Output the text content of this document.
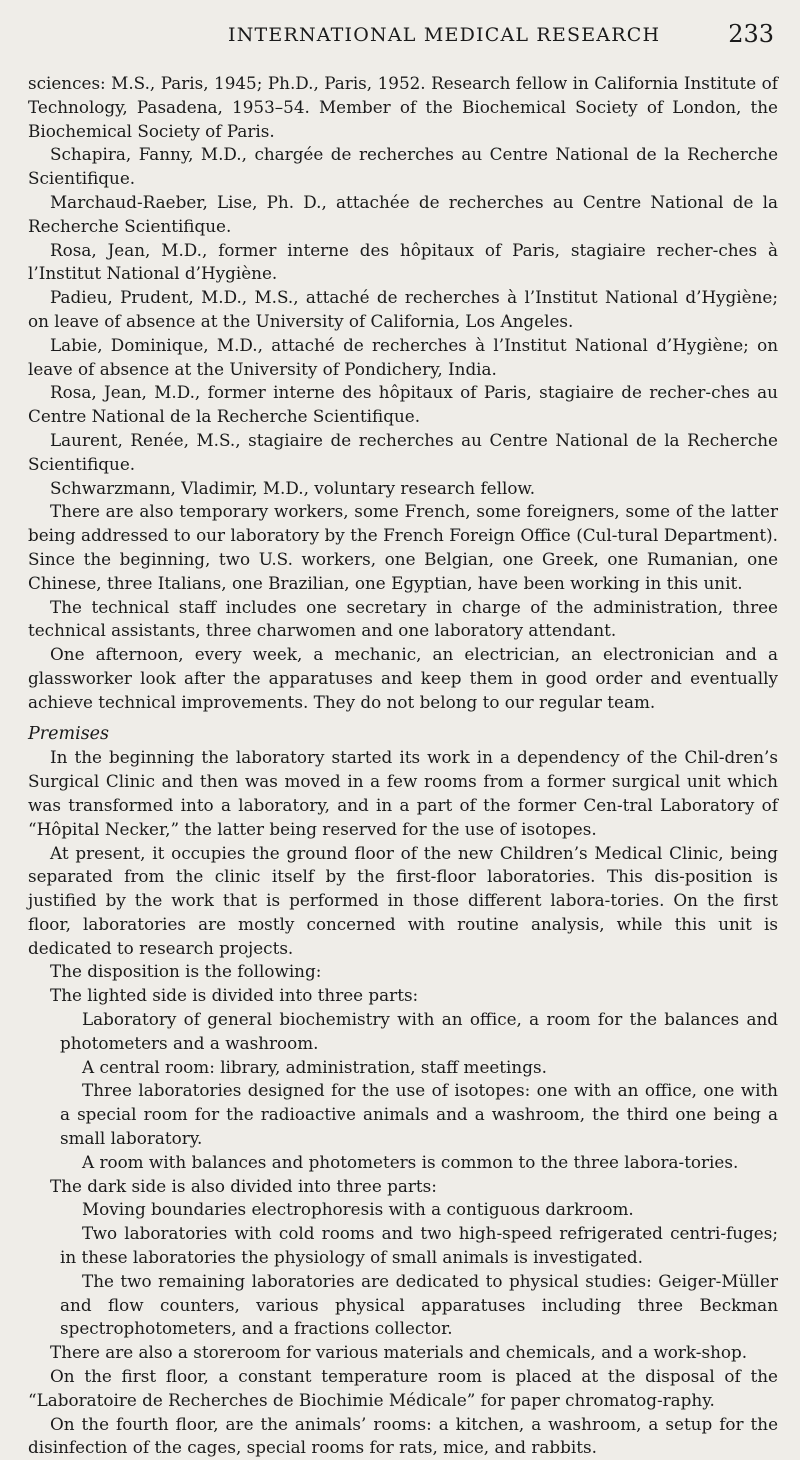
INTERNATIONAL MEDICAL RESEARCH	233

sciences: M.S., Paris, 1945; Ph.D., Paris, 1952. Research fellow in California Institute of Technology, Pasadena, 1953–54. Member of the Biochemical Society of London, the Biochemical Society of Paris.

Schapira, Fanny, M.D., chargée de recherches au Centre National de la Recherche Scientifique.

Marchaud-Raeber, Lise, Ph. D., attachée de recherches au Centre National de la Recherche Scientifique.

Rosa, Jean, M.D., former interne des hôpitaux of Paris, stagiaire recher-ches à l’Institut National d’Hygiène.

Padieu, Prudent, M.D., M.S., attaché de recherches à l’Institut National d’Hygiène; on leave of absence at the University of California, Los Angeles.

Labie, Dominique, M.D., attaché de recherches à l’Institut National d’Hygiène; on leave of absence at the University of Pondichery, India.

Rosa, Jean, M.D., former interne des hôpitaux of Paris, stagiaire de recher-ches au Centre National de la Recherche Scientifique.

Laurent, Renée, M.S., stagiaire de recherches au Centre National de la Recherche Scientifique.

Schwarzmann, Vladimir, M.D., voluntary research fellow.

There are also temporary workers, some French, some foreigners, some of the latter being addressed to our laboratory by the French Foreign Office (Cul-tural Department). Since the beginning, two U.S. workers, one Belgian, one Greek, one Rumanian, one Chinese, three Italians, one Brazilian, one Egyptian, have been working in this unit.

The technical staff includes one secretary in charge of the administration, three technical assistants, three charwomen and one laboratory attendant.

One afternoon, every week, a mechanic, an electrician, an electronician and a glassworker look after the apparatuses and keep them in good order and eventually achieve technical improvements. They do not belong to our regular team.

Premises

In the beginning the laboratory started its work in a dependency of the Chil-dren’s Surgical Clinic and then was moved in a few rooms from a former surgical unit which was transformed into a laboratory, and in a part of the former Cen-tral Laboratory of “Hôpital Necker,” the latter being reserved for the use of isotopes.

At present, it occupies the ground floor of the new Children’s Medical Clinic, being separated from the clinic itself by the first-floor laboratories. This dis-position is justified by the work that is performed in those different labora-tories. On the first floor, laboratories are mostly concerned with routine analysis, while this unit is dedicated to research projects.

The disposition is the following:

The lighted side is divided into three parts:

Laboratory of general biochemistry with an office, a room for the balances and photometers and a washroom.

A central room: library, administration, staff meetings.

Three laboratories designed for the use of isotopes: one with an office, one with a special room for the radioactive animals and a washroom, the third one being a small laboratory.

A room with balances and photometers is common to the three labora-tories.

The dark side is also divided into three parts:

Moving boundaries electrophoresis with a contiguous darkroom.

Two laboratories with cold rooms and two high-speed refrigerated centri-fuges; in these laboratories the physiology of small animals is investigated.

The two remaining laboratories are dedicated to physical studies: Geiger-Müller and flow counters, various physical apparatuses including three Beckman spectrophotometers, and a fractions collector.

There are also a storeroom for various materials and chemicals, and a work-shop.

On the first floor, a constant temperature room is placed at the disposal of the “Laboratoire de Recherches de Biochimie Médicale” for paper chromatog-raphy.

On the fourth floor, are the animals’ rooms: a kitchen, a washroom, a setup for the disinfection of the cages, special rooms for rats, mice, and rabbits.
